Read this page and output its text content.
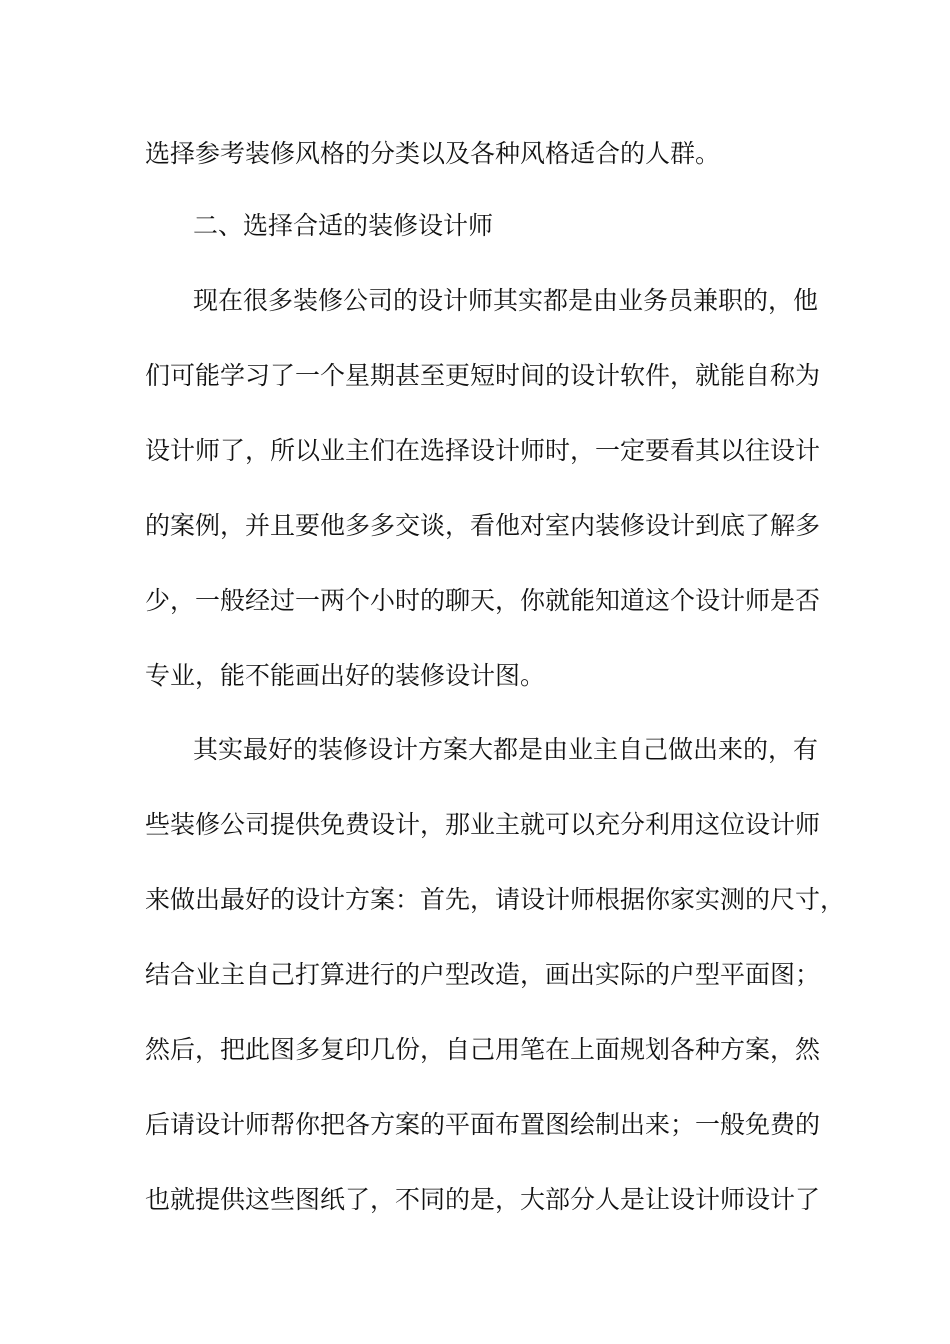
选择参考装修风格的分类以及各种风格适合的人群。
二、选择合适的装修设计师
现在很多装修公司的设计师其实都是由业务员兼职的，他
们可能学习了一个星期甚至更短时间的设计软件，就能自称为
设计师了，所以业主们在选择设计师时，一定要看其以往设计
的案例，并且要他多多交谈，看他对室内装修设计到底了解多
少，一般经过一两个小时的聊天，你就能知道这个设计师是否
专业，能不能画出好的装修设计图。
其实最好的装修设计方案大都是由业主自己做出来的，有
些装修公司提供免费设计，那业主就可以充分利用这位设计师
来做出最好的设计方案：首先，请设计师根据你家实测的尺寸，
结合业主自己打算进行的户型改造，画出实际的户型平面图；
然后，把此图多复印几份，自己用笔在上面规划各种方案，然
后请设计师帮你把各方案的平面布置图绘制出来；一般免费的
也就提供这些图纸了，不同的是，大部分人是让设计师设计了
